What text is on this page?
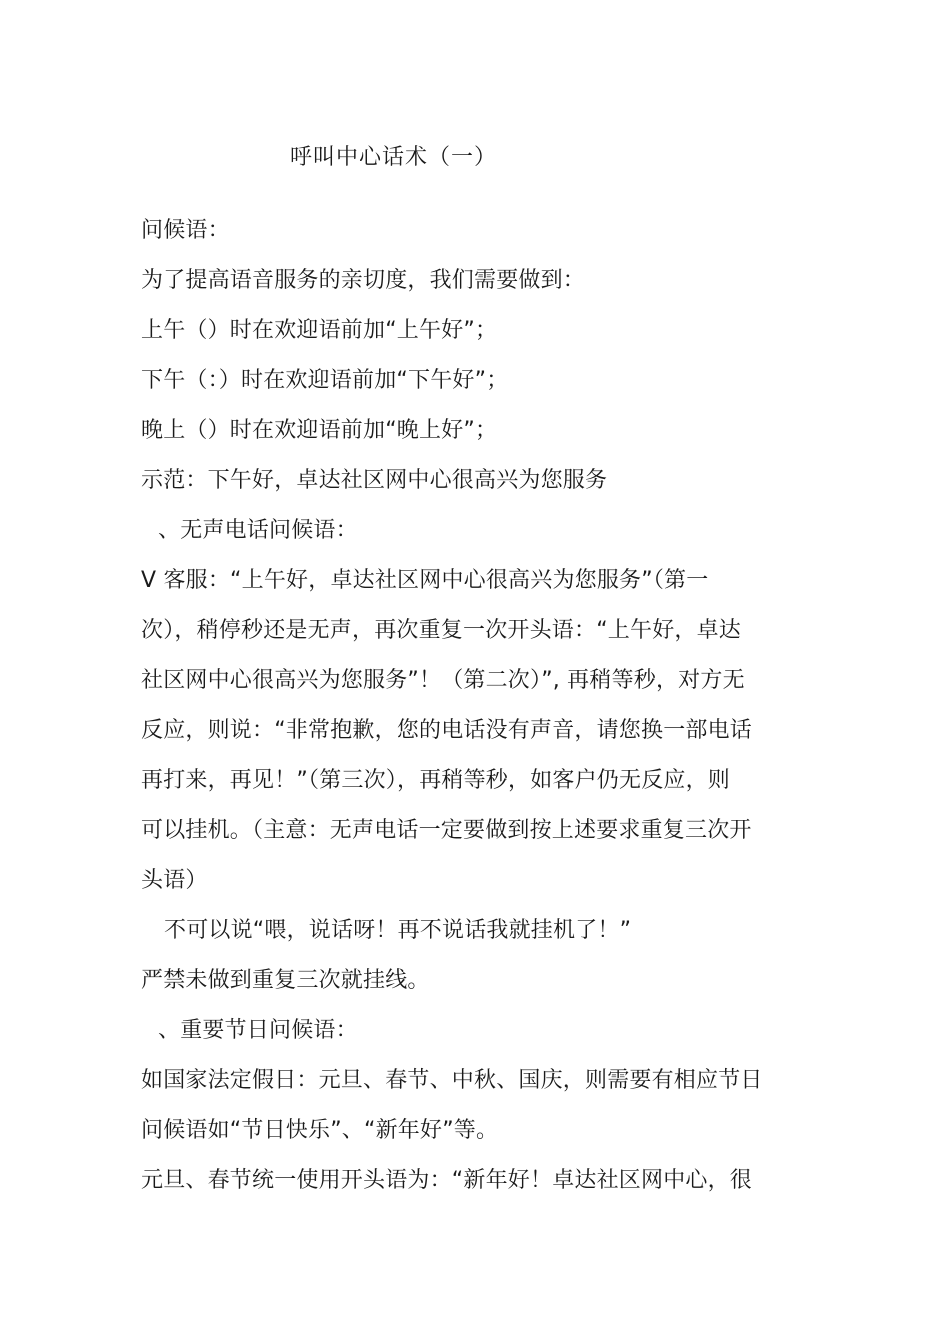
呼叫中心话术（一）
问候语：
为了提高语音服务的亲切度，我们需要做到：
上午（）时在欢迎语前加“上午好”；
下午（：）时在欢迎语前加“下午好”；
晚上（）时在欢迎语前加“晚上好”；
示范：下午好，卓达社区网中心很高兴为您服务
、无声电话问候语：
V 客服：“上午好，卓达社区网中心很高兴为您服务”（第一
次），稍停秒还是无声，再次重复一次开头语：“上午好，卓达
社区网中心很高兴为您服务”！（第二次）”, 再稍等秒，对方无
反应，则说：“非常抱歉，您的电话没有声音，请您换一部电话
再打来，再见！”（第三次），再稍等秒，如客户仍无反应，则
可以挂机。（主意：无声电话一定要做到按上述要求重复三次开
头语）
不可以说“喂，说话呀！再不说话我就挂机了！”
严禁未做到重复三次就挂线。
、重要节日问候语：
如国家法定假日：元旦、春节、中秋、国庆，则需要有相应节日
问候语如“节日快乐”、“新年好”等。
元旦、春节统一使用开头语为：“新年好！卓达社区网中心，很
